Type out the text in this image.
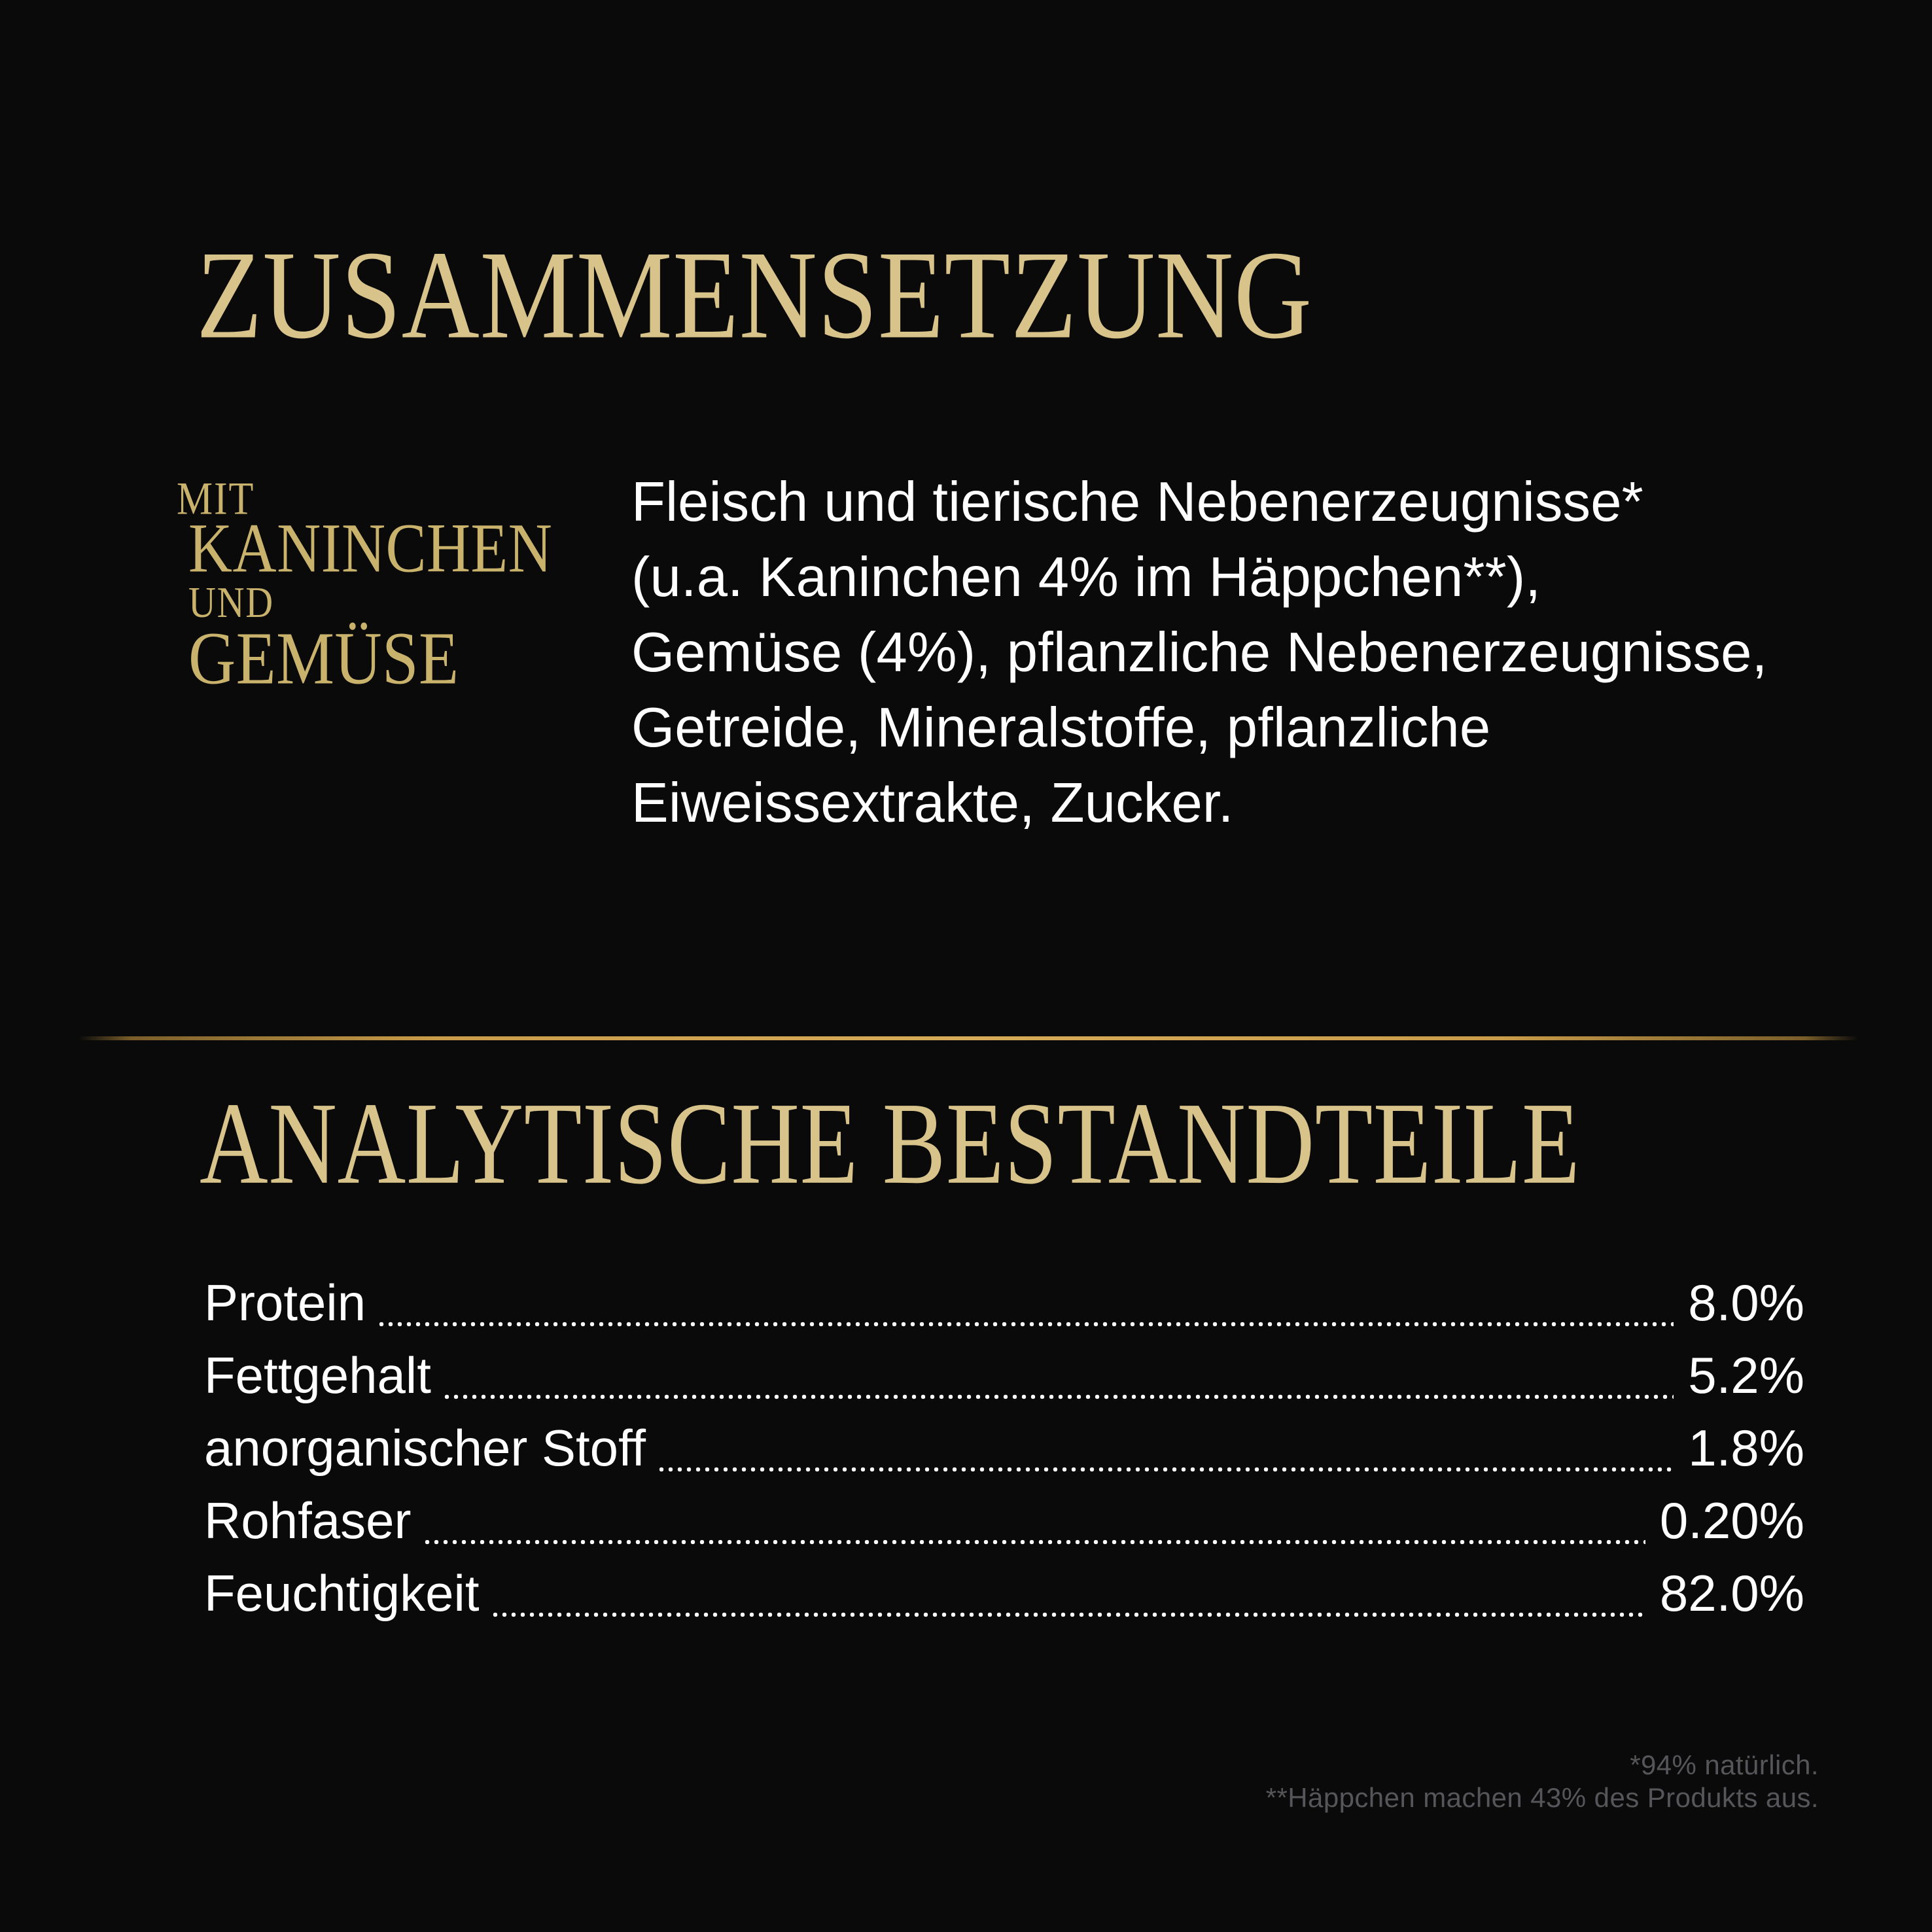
ZUSAMMENSETZUNG
MIT
KANINCHEN
UND
GEMÜSE
Fleisch und tierische Nebenerzeugnisse*
(u.a. Kaninchen 4% im Häppchen**),
Gemüse (4%), pflanzliche Nebenerzeugnisse,
Getreide, Mineralstoffe, pflanzliche
Eiweissextrakte, Zucker.
ANALYTISCHE BESTANDTEILE
Protein	8.0%
Fettgehalt	5.2%
anorganischer Stoff	1.8%
Rohfaser	0.20%
Feuchtigkeit	82.0%
*94% natürlich.
**Häppchen machen 43% des Produkts aus.
